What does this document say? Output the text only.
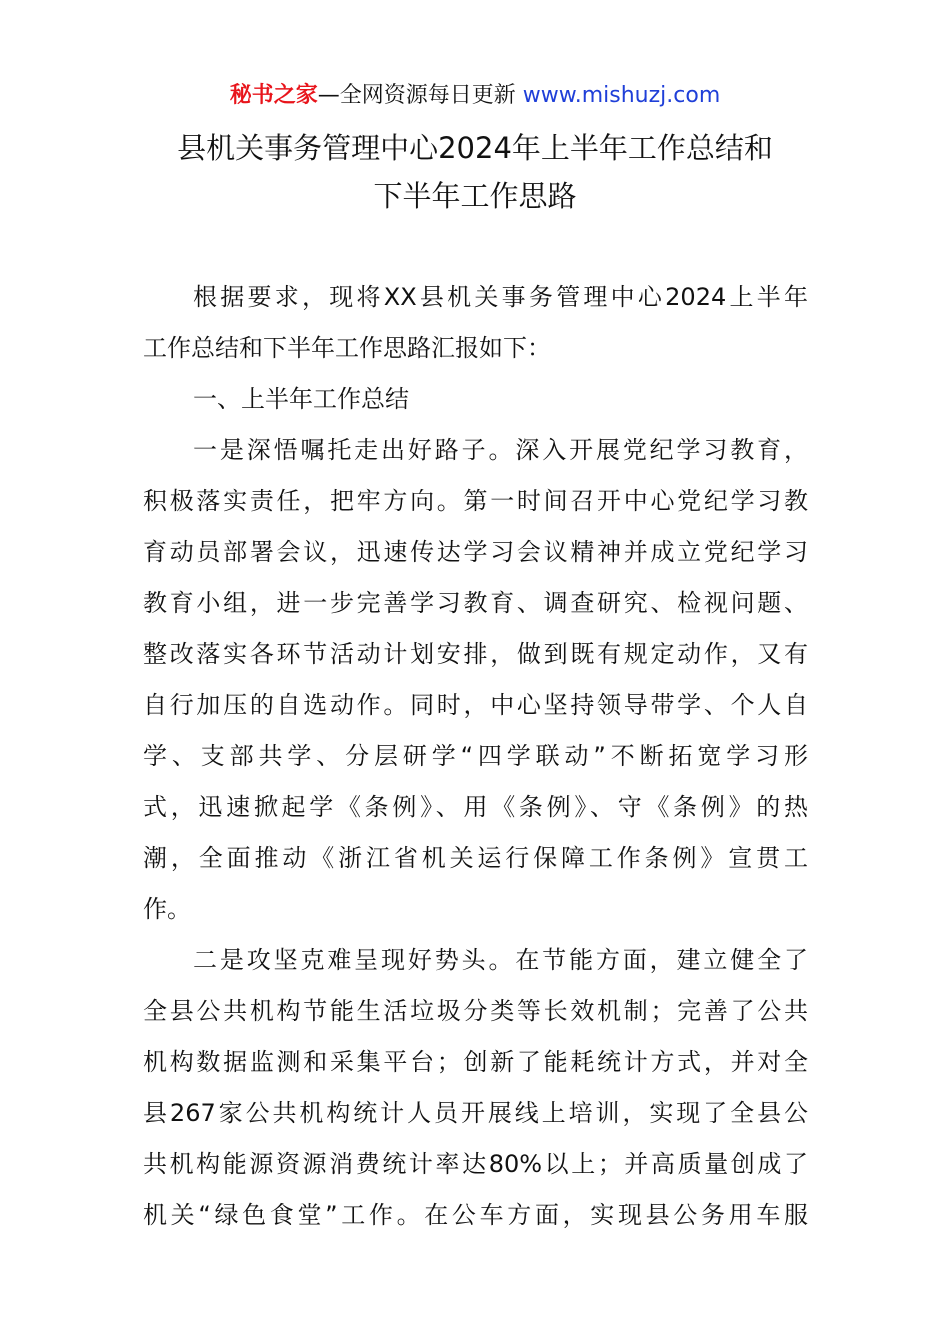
秘书之家—全网资源每日更新 www.mishuzj.com
县机关事务管理中心2024年上半年工作总结和
下半年工作思路
根据要求，现将XX县机关事务管理中心2024上半年
工作总结和下半年工作思路汇报如下：
一、上半年工作总结
一是深悟嘱托走出好路子。深入开展党纪学习教育，
积极落实责任，把牢方向。第一时间召开中心党纪学习教
育动员部署会议，迅速传达学习会议精神并成立党纪学习
教育小组，进一步完善学习教育、调查研究、检视问题、
整改落实各环节活动计划安排，做到既有规定动作，又有
自行加压的自选动作。同时，中心坚持领导带学、个人自
学、支部共学、分层研学“四学联动”不断拓宽学习形
式，迅速掀起学《条例》、用《条例》、守《条例》的热
潮，全面推动《浙江省机关运行保障工作条例》宣贯工
作。
二是攻坚克难呈现好势头。在节能方面，建立健全了
全县公共机构节能生活垃圾分类等长效机制；完善了公共
机构数据监测和采集平台；创新了能耗统计方式，并对全
县267家公共机构统计人员开展线上培训，实现了全县公
共机构能源资源消费统计率达80%以上；并高质量创成了
机关“绿色食堂”工作。在公车方面，实现县公务用车服
